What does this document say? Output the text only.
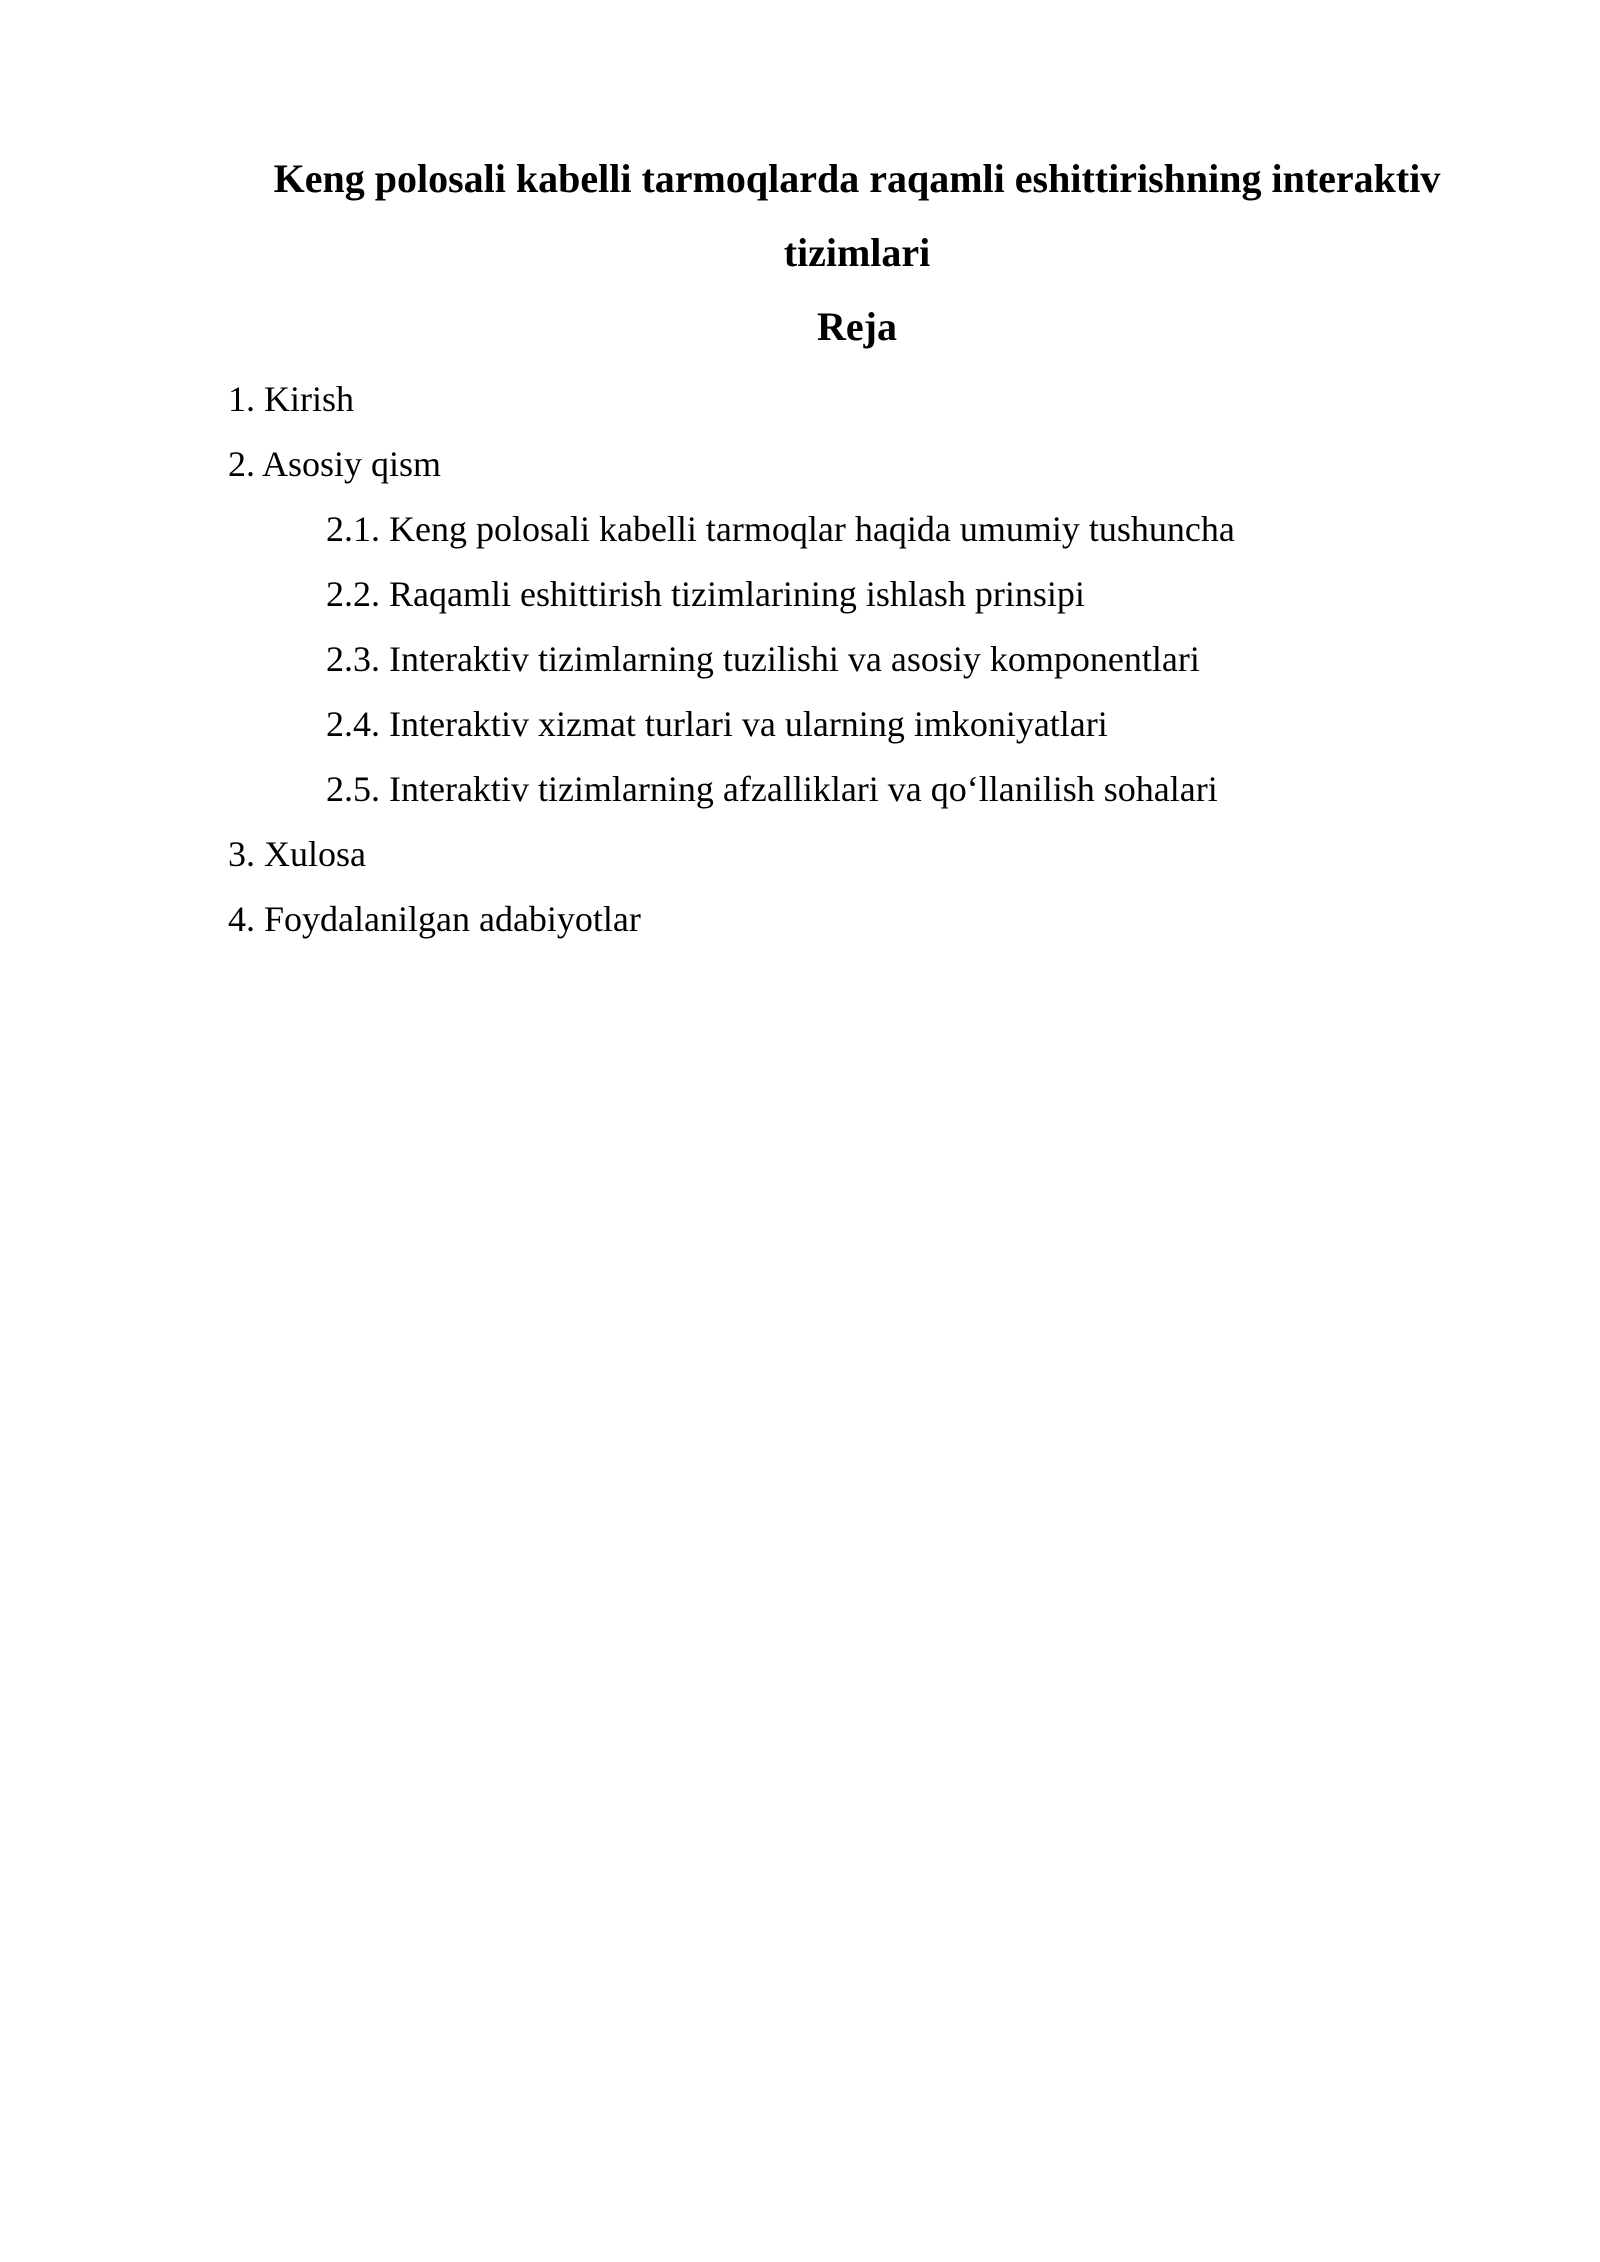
Keng polosali kabelli tarmoqlarda raqamli eshittirishning interaktiv tizimlari
Reja
1. Kirish
2. Asosiy qism
2.1. Keng polosali kabelli tarmoqlar haqida umumiy tushuncha
2.2. Raqamli eshittirish tizimlarining ishlash prinsipi
2.3. Interaktiv tizimlarning tuzilishi va asosiy komponentlari
2.4. Interaktiv xizmat turlari va ularning imkoniyatlari
2.5. Interaktiv tizimlarning afzalliklari va qo‘llanilish sohalari
3. Xulosa
4. Foydalanilgan adabiyotlar
